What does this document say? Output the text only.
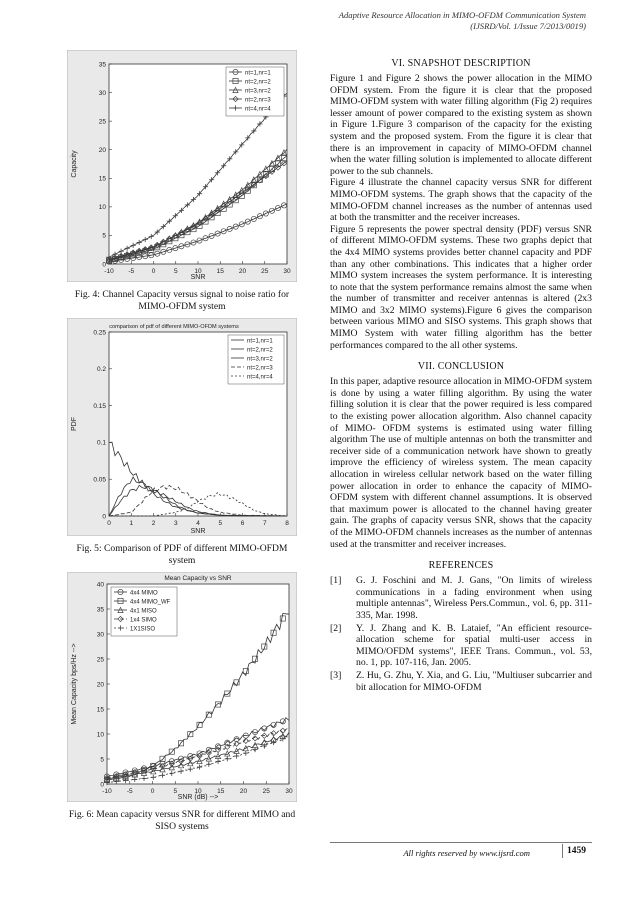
Adaptive Resource Allocation in MIMO-OFDM Communication System
(IJSRD/Vol. 1/Issue 7/2013/0019)
-10 -5	0	5	10 15 20 25 30
0
5
10
15
20
25
30
35
SNR
Capacity
nt=1,nr=1
nt=2,nr=2
nt=3,nr=2
nt=2,nr=3
nt=4,nr=4
Fig. 4: Channel Capacity versus signal to noise ratio for MIMO-OFDM system
0	1	2	3	4	5	6	7	8
0
0.05
0.1
0.15
0.2
0.25
comparison of pdf of different MIMO-OFDM systems
SNR
PDF
nt=1,nr=1
nt=2,nr=2
nt=3,nr=2
nt=2,nr=3
nt=4,nr=4
Fig. 5: Comparison of PDF of different MIMO-OFDM system
-10 -5	0	5	10 15 20 25 30
0
5
10
15
20
25
30
35
40
Mean Capacity vs SNR
SNR (dB) -->
Mean Capacity bps/Hz -->
4x4 MIMO
4x4 MIMO_WF
4x1 MISO
1x4 SIMO
1X1SISO
Fig. 6: Mean capacity versus SNR for different MIMO and SISO systems
VI. SNAPSHOT DESCRIPTION

Figure 1 and Figure 2 shows the power allocation in the MIMO OFDM system. From the figure it is clear that the proposed MIMO-OFDM system with water filling algorithm (Fig 2) requires lesser amount of power compared to the existing system as shown in Figure 1.Figure 3 comparison of the capacity for the existing system and the proposed system. From the figure it is clear that there is an improvement in capacity of MIMO-OFDM channel when the water filling solution is implemented to allocate different power to the sub channels.

Figure 4 illustrate the channel capacity versus SNR for different MIMO-OFDM systems. The graph shows that the capacity of the MIMO-OFDM channel increases as the number of antennas used at both the transmitter and the receiver increases.

Figure 5 represents the power spectral density (PDF) versus SNR of different MIMO-OFDM systems. These two graphs depict that the 4x4 MIMO systems provides better channel capacity and PDF than any other combinations. This indicates that a higher order MIMO system increases the system performance. It is interesting to note that the system performance remains almost the same when the number of transmitter and receiver antennas is altered (2x3 MIMO and 3x2 MIMO systems).Figure 6 gives the comparison between various MIMO and SISO systems. This graph shows that MIMO System with water filling algorithm has the better performances compared to the all other systems.

VII. CONCLUSION

In this paper, adaptive resource allocation in MIMO-OFDM system is done by using a water filling algorithm. By using the water filling solution it is clear that the power required is less compared to the existing power allocation algorithm. Also channel capacity of MIMO- OFDM systems is estimated using water filling algorithm The use of multiple antennas on both the transmitter and receiver side of a communication network have shown to greatly improve the efficiency of wireless system. The mean capacity allocation in wireless cellular network based on the water filling power allocation in order to enhance the capacity of MIMO-OFDM system with different channel assumptions. It is observed that maximum power is allocated to the channel having greater gain. The graphs of capacity versus SNR, shows that the capacity of the MIMO-OFDM channels increases as the number of antennas used at the transmitter and receiver increases.

REFERENCES
[1]	G. J. Foschini and M. J. Gans, "On limits of wireless communications in a fading environment when using multiple antennas", Wireless Pers.Commun., vol. 6, pp. 311-335, Mar. 1998.
[2]	Y. J. Zhang and K. B. Lataief, "An efficient resource-allocation scheme for spatial multi-user access in MIMO/OFDM systems", IEEE Trans. Commun., vol. 53, no. 1, pp. 107-116, Jan. 2005.
[3]	Z. Hu, G. Zhu, Y. Xia, and G. Liu, "Multiuser subcarrier and bit allocation for MIMO-OFDM
All rights reserved by www.ijsrd.com	1459
